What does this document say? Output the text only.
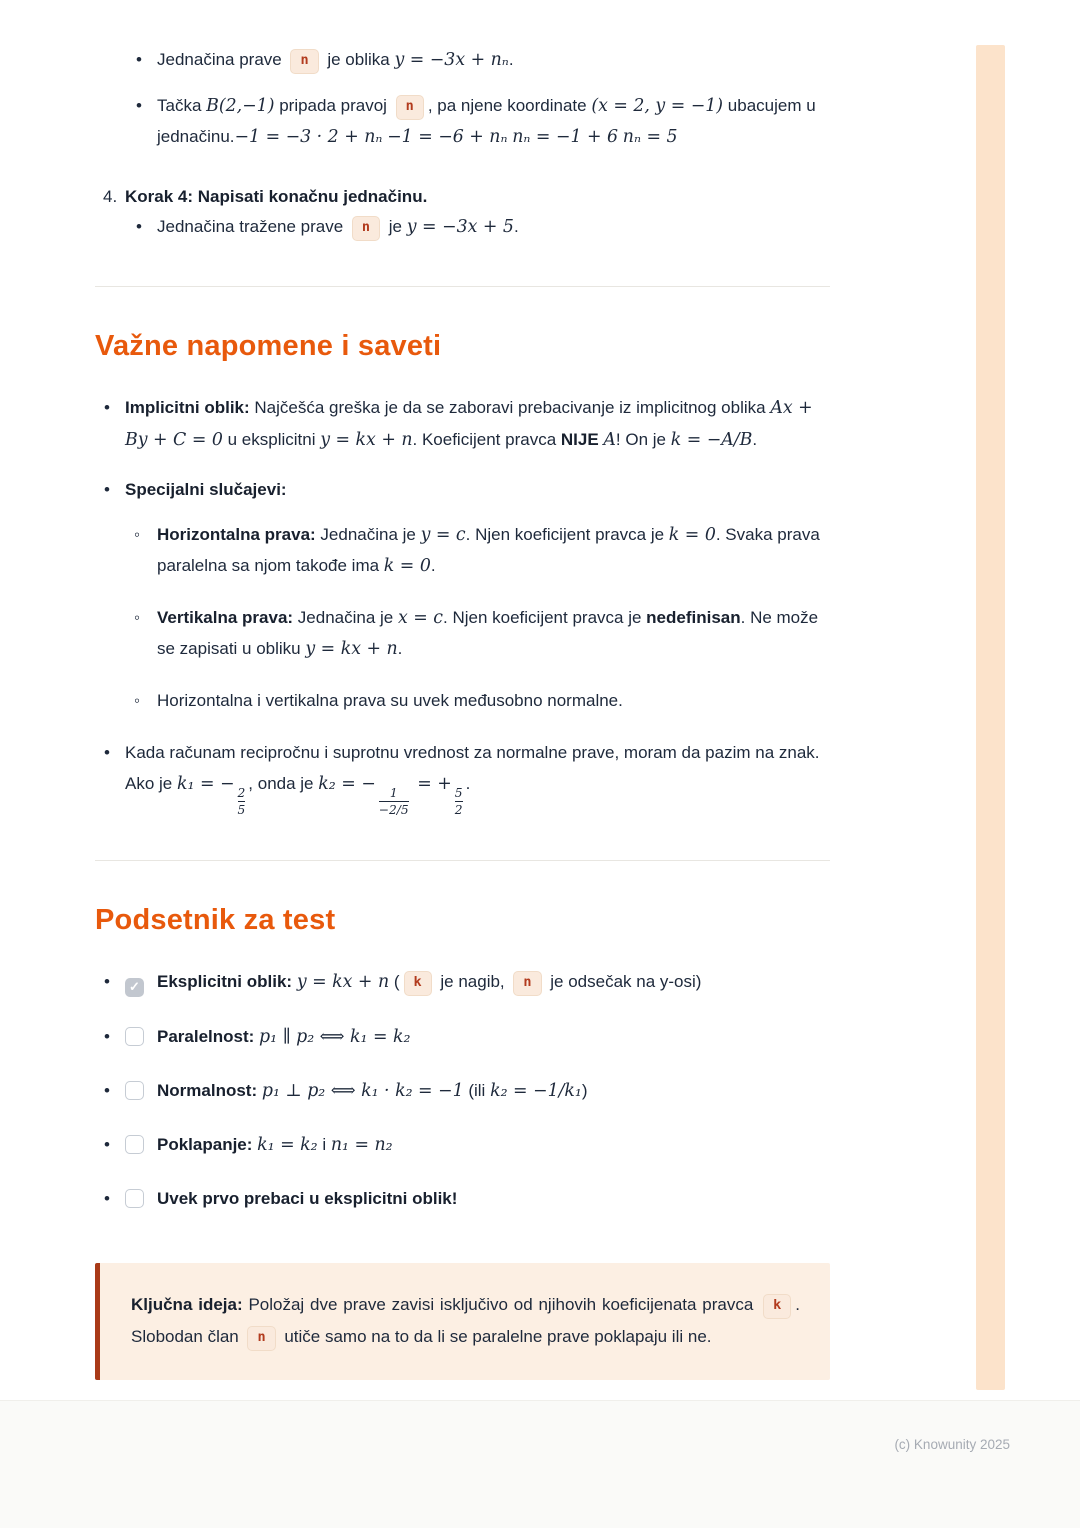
• Jednačina prave n je oblika y = −3x + nₙ.
• Tačka B(2,−1) pripada pravoj n , pa njene koordinate (x = 2, y = −1) ubacujem u jednačinu.−1 = −3 · 2 + nₙ −1 = −6 + nₙ nₙ = −1 + 6 nₙ = 5
4. Korak 4: Napisati konačnu jednačinu.
• Jednačina tražene prave n je y = −3x + 5.
Važne napomene i saveti
• Implicitni oblik: Najčešća greška je da se zaboravi prebacivanje iz implicitnog oblika Ax + By + C = 0 u eksplicitni y = kx + n. Koeficijent pravca NIJE A! On je k = −A/B.
• Specijalni slučajevi:
◦ Horizontalna prava: Jednačina je y = c. Njen koeficijent pravca je k = 0. Svaka prava paralelna sa njom takođe ima k = 0.
◦ Vertikalna prava: Jednačina je x = c. Njen koeficijent pravca je nedefinisan. Ne može se zapisati u obliku y = kx + n.
◦ Horizontalna i vertikalna prava su uvek međusobno normalne.
• Kada računam recipročnu i suprotnu vrednost za normalne prave, moram da pazim na znak. Ako je k₁ = −
$\frac{2}{5}$
, onda je k₂ = −
$\frac{1}{-2/5}$
= +
$\frac{5}{2}$
.
Podsetnik za test
• ✓ Eksplicitni oblik: y = kx + n ( k je nagib, n je odsečak na y-osi)
• Paralelnost: p₁ ∥ p₂ ⟺ k₁ = k₂
• Normalnost: p₁ ⊥ p₂ ⟺ k₁ · k₂ = −1 (ili k₂ = −1/k₁)
• Poklapanje: k₁ = k₂ i n₁ = n₂
• Uvek prvo prebaci u eksplicitni oblik!
Ključna ideja: Položaj dve prave zavisi isključivo od njihovih koeficijenata pravca k . Slobodan član n utiče samo na to da li se paralelne prave poklapaju ili ne.
(c) Knowunity 2025
